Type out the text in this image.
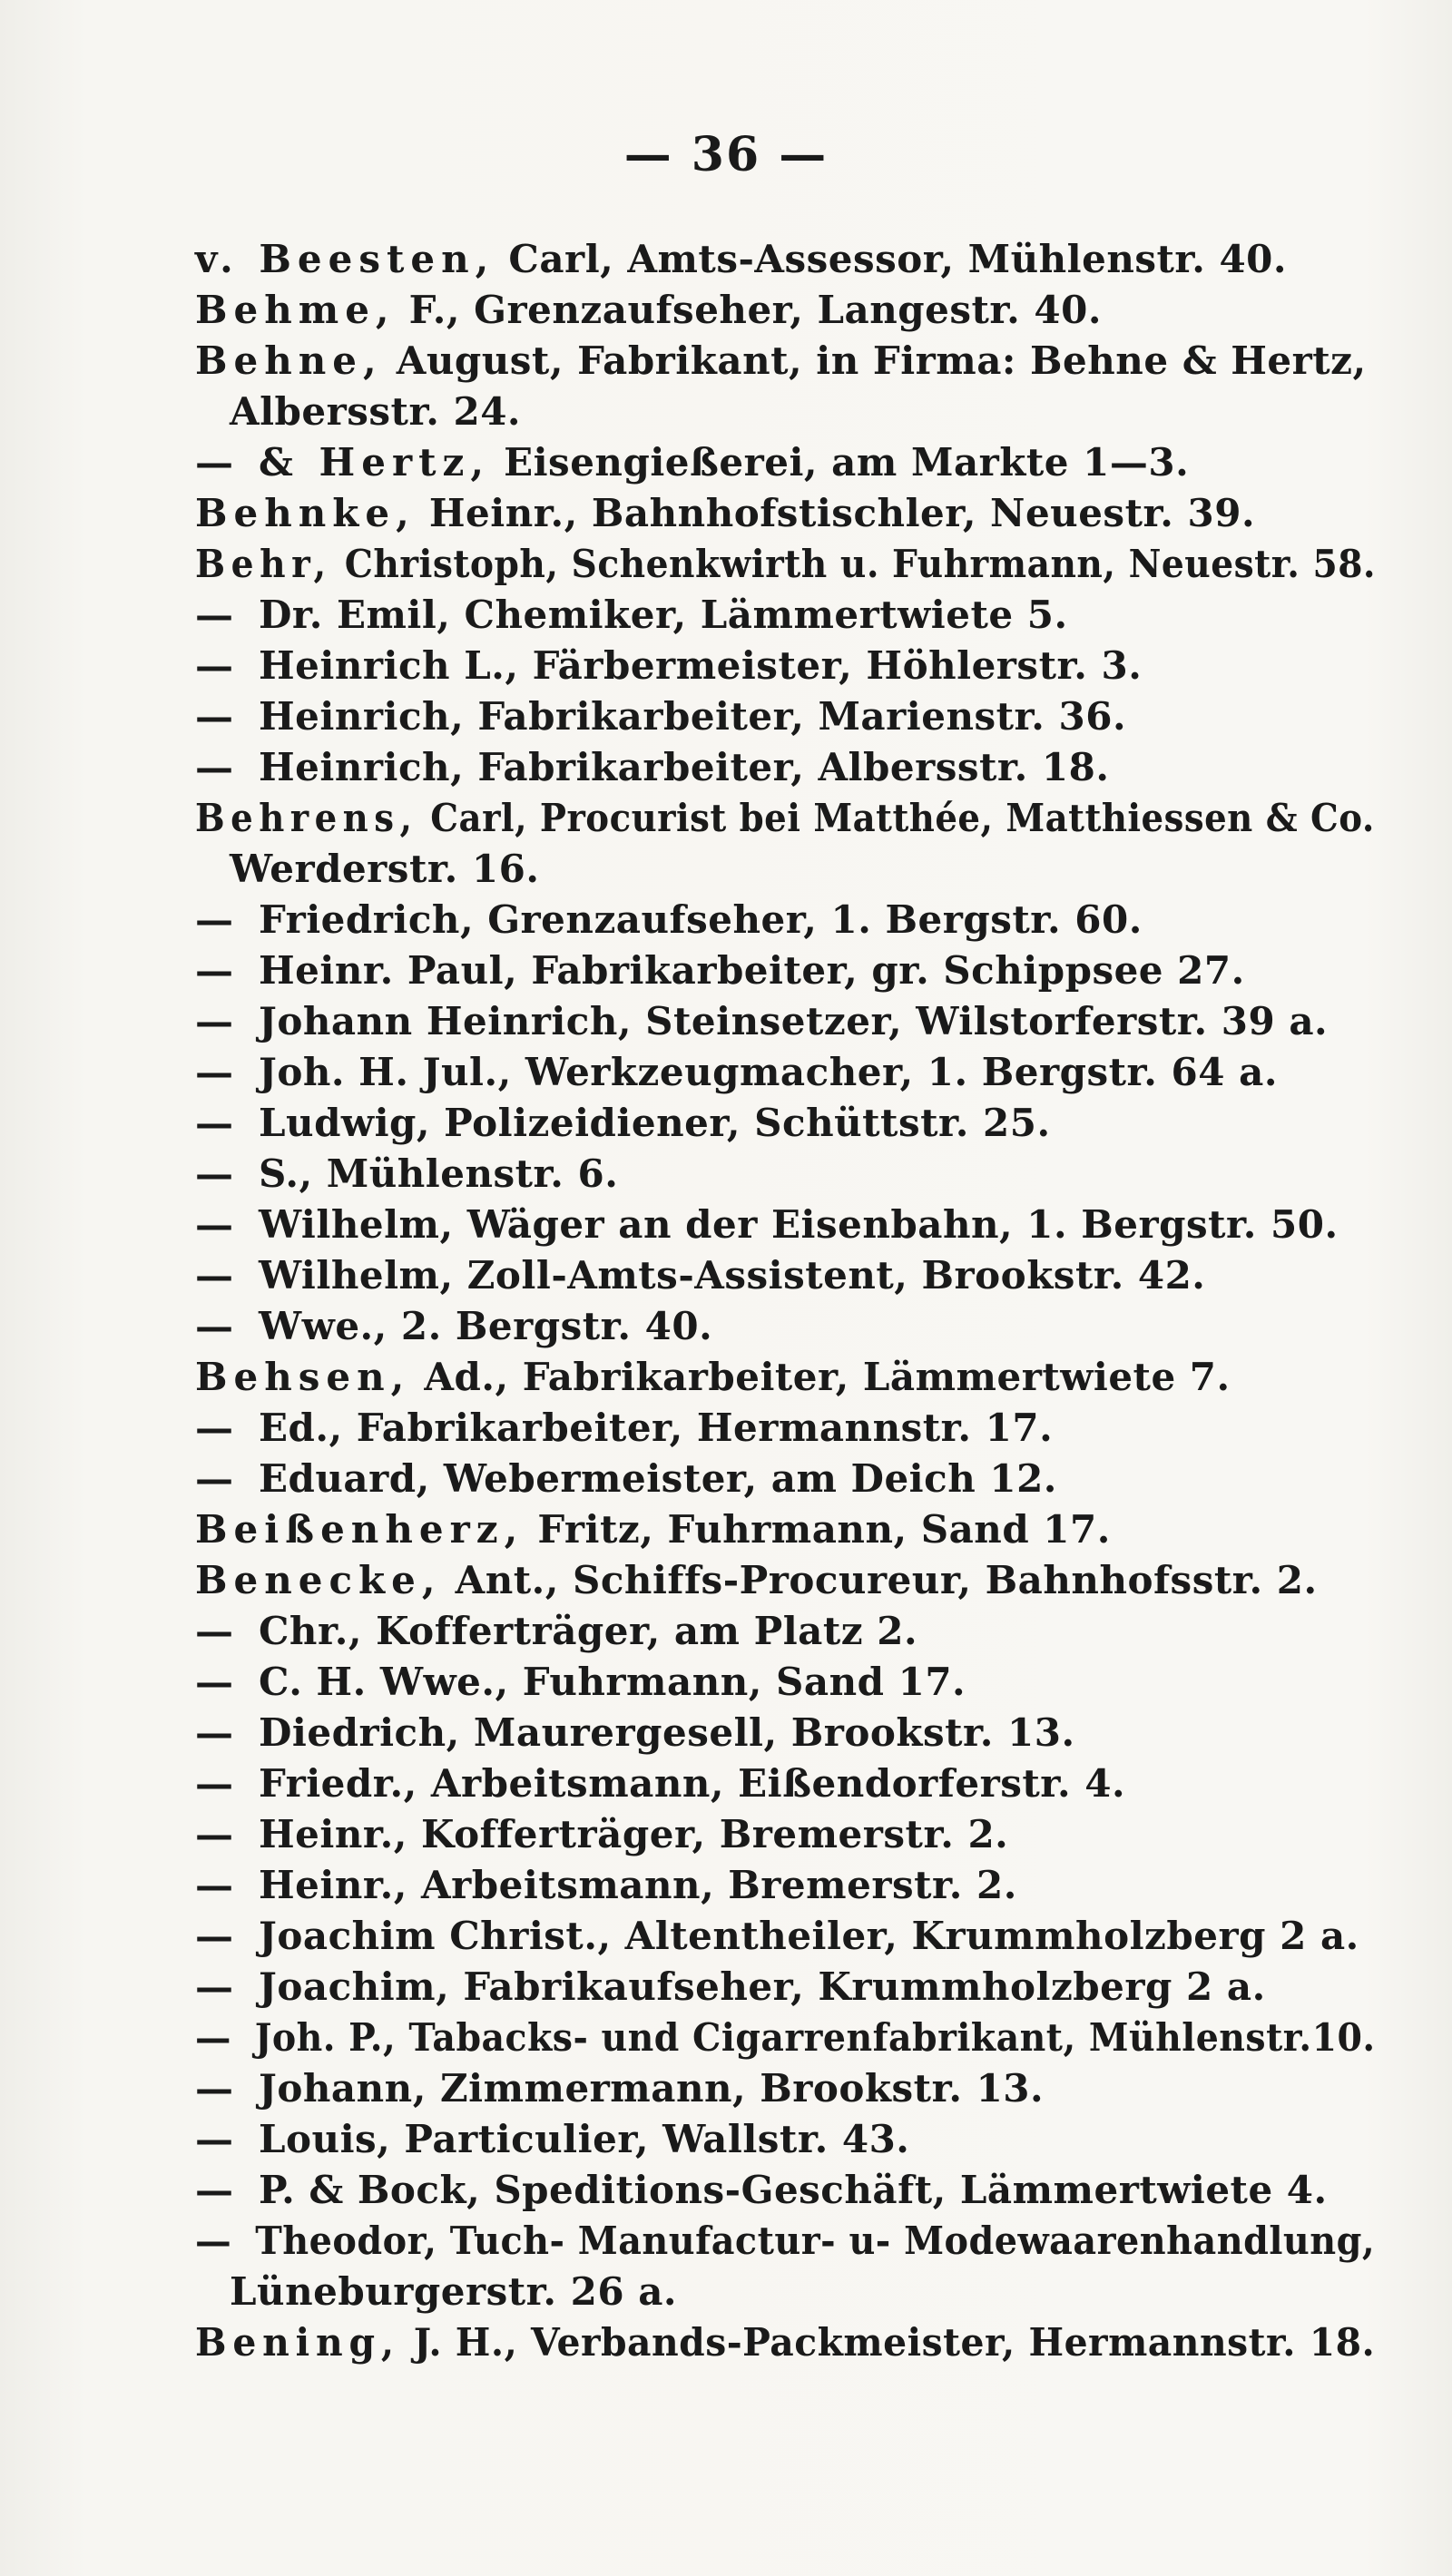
— 36 —
v. Beesten, Carl, Amts-Assessor, Mühlenstr. 40.
Behme, F., Grenzaufseher, Langestr. 40.
Behne, August, Fabrikant, in Firma: Behne & Hertz,
Albersstr. 24.
— & Hertz, Eisengießerei, am Markte 1—3.
Behnke, Heinr., Bahnhofstischler, Neuestr. 39.
Behr, Christoph, Schenkwirth u. Fuhrmann, Neuestr. 58.
— Dr. Emil, Chemiker, Lämmertwiete 5.
— Heinrich L., Färbermeister, Höhlerstr. 3.
— Heinrich, Fabrikarbeiter, Marienstr. 36.
— Heinrich, Fabrikarbeiter, Albersstr. 18.
Behrens, Carl, Procurist bei Matthée, Matthiessen & Co.
Werderstr. 16.
— Friedrich, Grenzaufseher, 1. Bergstr. 60.
— Heinr. Paul, Fabrikarbeiter, gr. Schippsee 27.
— Johann Heinrich, Steinsetzer, Wilstorferstr. 39 a.
— Joh. H. Jul., Werkzeugmacher, 1. Bergstr. 64 a.
— Ludwig, Polizeidiener, Schüttstr. 25.
— S., Mühlenstr. 6.
— Wilhelm, Wäger an der Eisenbahn, 1. Bergstr. 50.
— Wilhelm, Zoll-Amts-Assistent, Brookstr. 42.
— Wwe., 2. Bergstr. 40.
Behsen, Ad., Fabrikarbeiter, Lämmertwiete 7.
— Ed., Fabrikarbeiter, Hermannstr. 17.
— Eduard, Webermeister, am Deich 12.
Beißenherz, Fritz, Fuhrmann, Sand 17.
Benecke, Ant., Schiffs-Procureur, Bahnhofsstr. 2.
— Chr., Kofferträger, am Platz 2.
— C. H. Wwe., Fuhrmann, Sand 17.
— Diedrich, Maurergesell, Brookstr. 13.
— Friedr., Arbeitsmann, Eißendorferstr. 4.
— Heinr., Kofferträger, Bremerstr. 2.
— Heinr., Arbeitsmann, Bremerstr. 2.
— Joachim Christ., Altentheiler, Krummholzberg 2 a.
— Joachim, Fabrikaufseher, Krummholzberg 2 a.
— Joh. P., Tabacks- und Cigarrenfabrikant, Mühlenstr.10.
— Johann, Zimmermann, Brookstr. 13.
— Louis, Particulier, Wallstr. 43.
— P. & Bock, Speditions-Geschäft, Lämmertwiete 4.
— Theodor, Tuch- Manufactur- u- Modewaarenhandlung,
Lüneburgerstr. 26 a.
Bening, J. H., Verbands-Packmeister, Hermannstr. 18.
